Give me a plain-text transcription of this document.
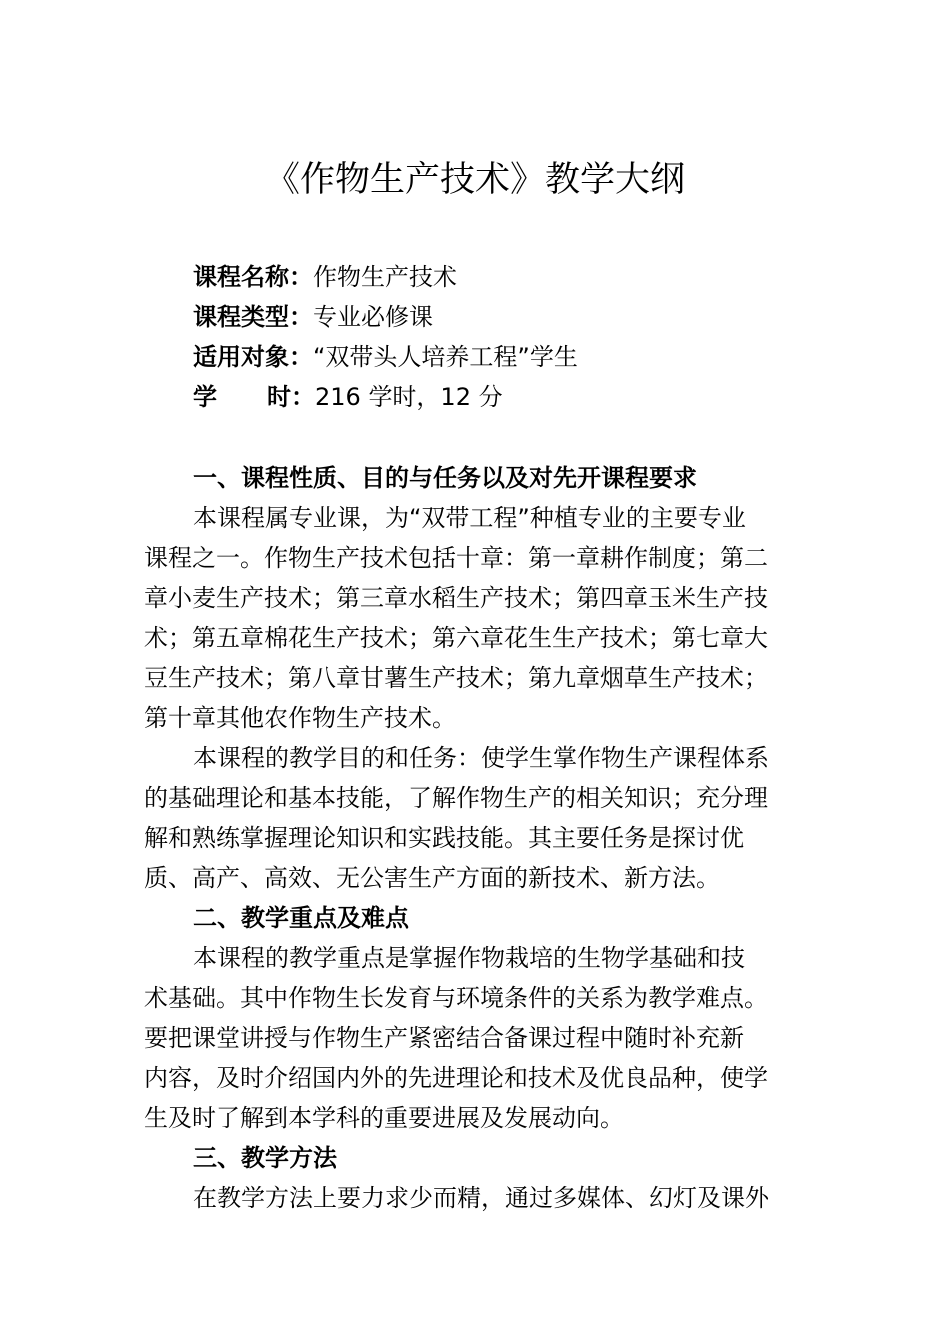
《作物生产技术》教学大纲
课程名称：作物生产技术
课程类型：专业必修课
适用对象：“双带头人培养工程”学生
学 时：216 学时，12 分
一、课程性质、目的与任务以及对先开课程要求
本课程属专业课，为“双带工程”种植专业的主要专业
课程之一。作物生产技术包括十章：第一章耕作制度；第二
章小麦生产技术；第三章水稻生产技术；第四章玉米生产技
术；第五章棉花生产技术；第六章花生生产技术；第七章大
豆生产技术；第八章甘薯生产技术；第九章烟草生产技术；
第十章其他农作物生产技术。
本课程的教学目的和任务：使学生掌作物生产课程体系
的基础理论和基本技能，了解作物生产的相关知识；充分理
解和熟练掌握理论知识和实践技能。其主要任务是探讨优
质、高产、高效、无公害生产方面的新技术、新方法。
二、教学重点及难点
本课程的教学重点是掌握作物栽培的生物学基础和技
术基础。其中作物生长发育与环境条件的关系为教学难点。
要把课堂讲授与作物生产紧密结合备课过程中随时补充新
内容，及时介绍国内外的先进理论和技术及优良品种，使学
生及时了解到本学科的重要进展及发展动向。
三、教学方法
在教学方法上要力求少而精，通过多媒体、幻灯及课外
